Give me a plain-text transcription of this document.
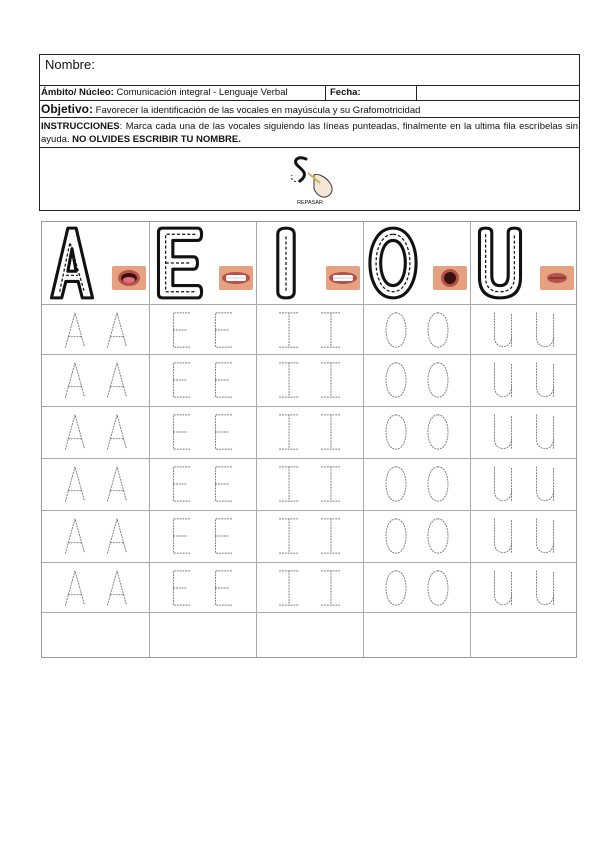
Nombre:
Ámbito/ Núcleo: Comunicación integral - Lenguaje Verbal	Fecha:
Objetivo: Favorecer la identificación de las vocales en mayúscula y su Grafomotricidad
INSTRUCCIONES: Marca cada una de las vocales siguiendo las líneas punteadas, finalmente en la ultima fila escríbelas sin ayuda. NO OLVIDES ESCRIBIR TU NOMBRE.
REPASAR
